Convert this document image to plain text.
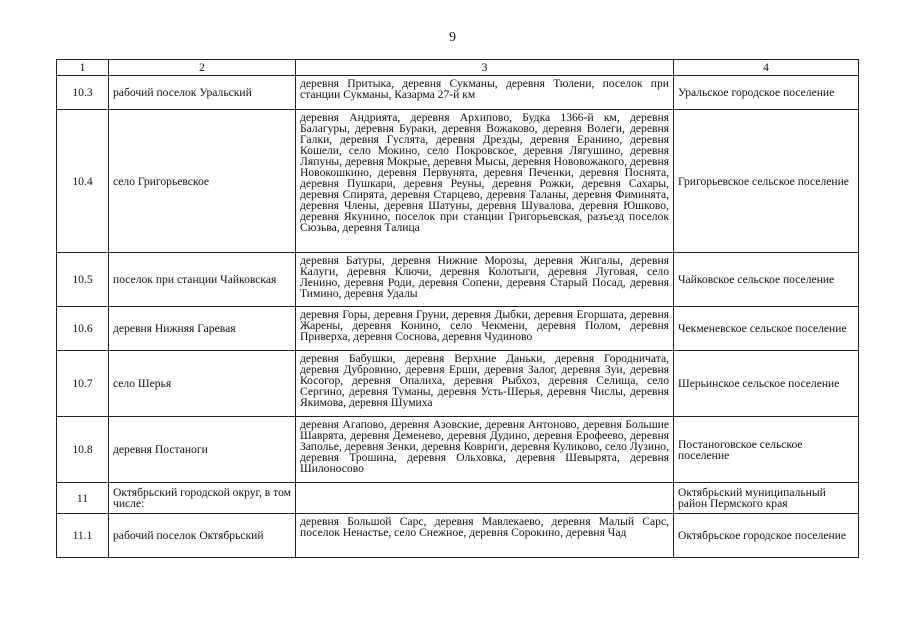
9
1	2	3	4
10.3	рабочий поселок Уральский	деревня Притыка, деревня Сукманы, деревня Тюлени, поселок при станции Сукманы, Казарма 27-й км	Уральское городское поселение
10.4	село Григорьевское	деревня Андрията, деревня Архипово, Будка 1366-й км, деревня Балагуры, деревня Бураки, деревня Вожаково, деревня Волеги, деревня Галки, деревня Гуслята, деревня Дрезды, деревня Еранино, деревня Кошели, село Мокино, село Покровское, деревня Лягушино, деревня Ляпуны, деревня Мокрые, деревня Мысы, деревня Нововожакого, деревня Новокошкино, деревня Первунята, деревня Печенки, деревня Поснята, деревня Пушкари, деревня Реуны, деревня Рожки, деревня Сахары, деревня Спирята, деревня Старцево, деревня Таланы, деревня Фиминята, деревня Члены, деревня Шатуны, деревня Шувалова, деревня Юшково, деревня Якунино, поселок при станции Григорьевская, разъезд поселок Сюзьва, деревня Талица	Григорьевское сельское поселение
10.5	поселок при станции Чайковская	деревня Батуры, деревня Нижние Морозы, деревня Жигалы, деревня Калуги, деревня Ключи, деревня Колотыги, деревня Луговая, село Ленино, деревня Роди, деревня Сопени, деревня Старый Посад, деревня Тимино, деревня Удалы	Чайковское сельское поселение
10.6	деревня Нижняя Гаревая	деревня Горы, деревня Груни, деревня Дыбки, деревня Егоршата, деревня Жарены, деревня Конино, село Чекмени, деревня Полом, деревня Приверха, деревня Соснова, деревня Чудиново	Чекменевское сельское поселение
10.7	село Шерья	деревня Бабушки, деревня Верхние Даньки, деревня Городничата, деревня Дубровино, деревня Ерши, деревня Залог, деревня Зуи, деревня Косогор, деревня Опалиха, деревня Рыбхоз, деревня Селища, село Сергино, деревня Туманы, деревня Усть-Шерья, деревня Числы, деревня Якимова, деревня Шумиха	Шерьинское сельское поселение
10.8	деревня Постаноги	деревня Агапово, деревня Азовские, деревня Антоново, деревня Большие Шаврята, деревня Деменево, деревня Дудино, деревня Ерофеево, деревня Заполье, деревня Зенки, деревня Ковриги, деревня Куликово, село Лузино, деревня Трошина, деревня Ольховка, деревня Шевырята, деревня Шилоносово	Постаноговское сельское поселение
11	Октябрьский городской округ, в том числе:		Октябрьский муниципальный район Пермского края
11.1	рабочий поселок Октябрьский	деревня Большой Сарс, деревня Мавлекаево, деревня Малый Сарс, поселок Ненастье, село Снежное, деревня Сорокино, деревня Чад	Октябрьское городское поселение
